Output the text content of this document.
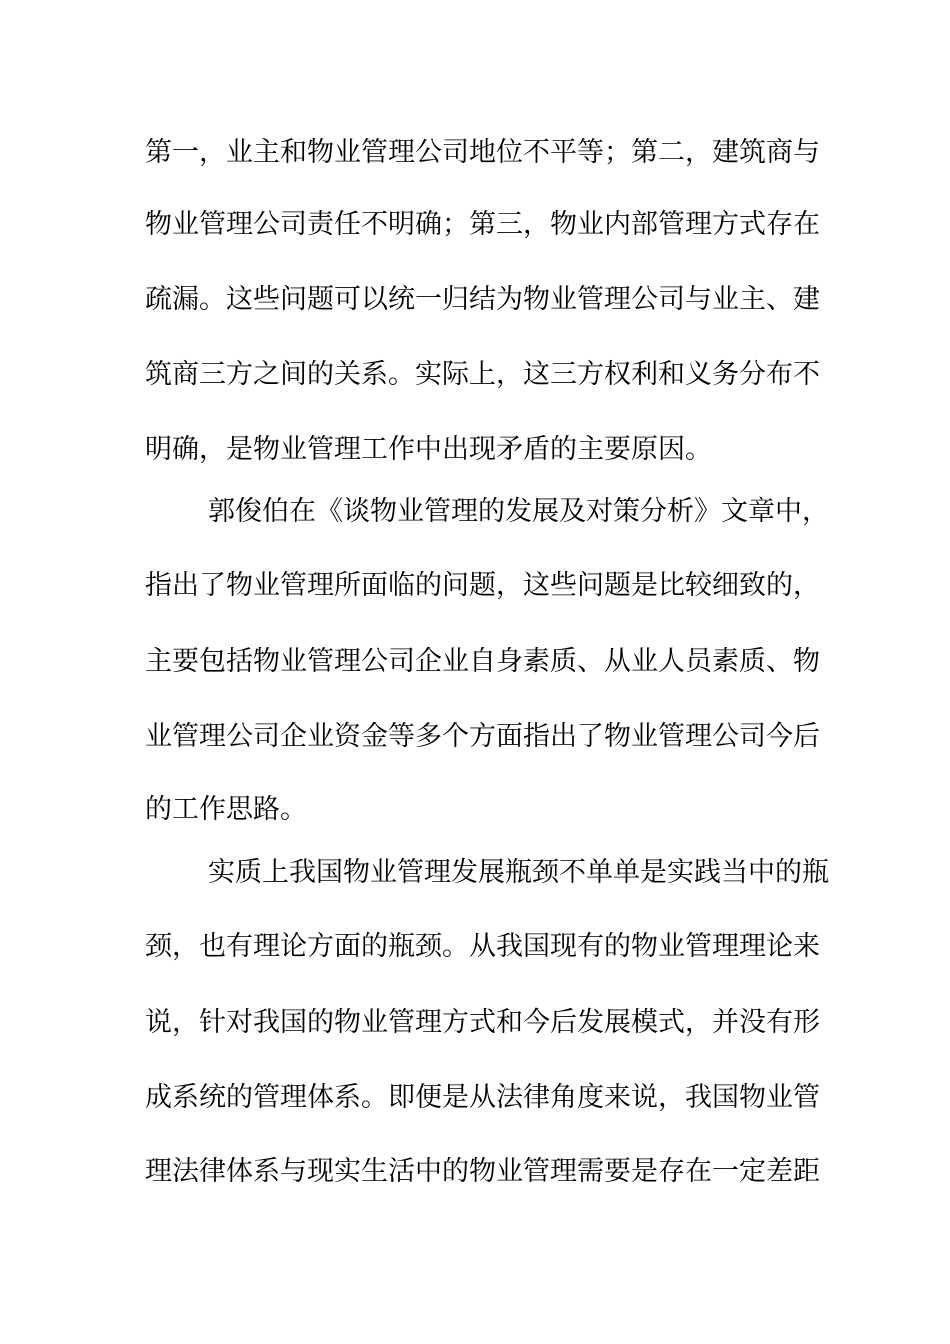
第一，业主和物业管理公司地位不平等；第二，建筑商与
物业管理公司责任不明确；第三，物业内部管理方式存在
疏漏。这些问题可以统一归结为物业管理公司与业主、建
筑商三方之间的关系。实际上，这三方权利和义务分布不
明确，是物业管理工作中出现矛盾的主要原因。
郭俊伯在《谈物业管理的发展及对策分析》文章中，
指出了物业管理所面临的问题，这些问题是比较细致的，
主要包括物业管理公司企业自身素质、从业人员素质、物
业管理公司企业资金等多个方面指出了物业管理公司今后
的工作思路。
实质上我国物业管理发展瓶颈不单单是实践当中的瓶
颈，也有理论方面的瓶颈。从我国现有的物业管理理论来
说，针对我国的物业管理方式和今后发展模式，并没有形
成系统的管理体系。即便是从法律角度来说，我国物业管
理法律体系与现实生活中的物业管理需要是存在一定差距
